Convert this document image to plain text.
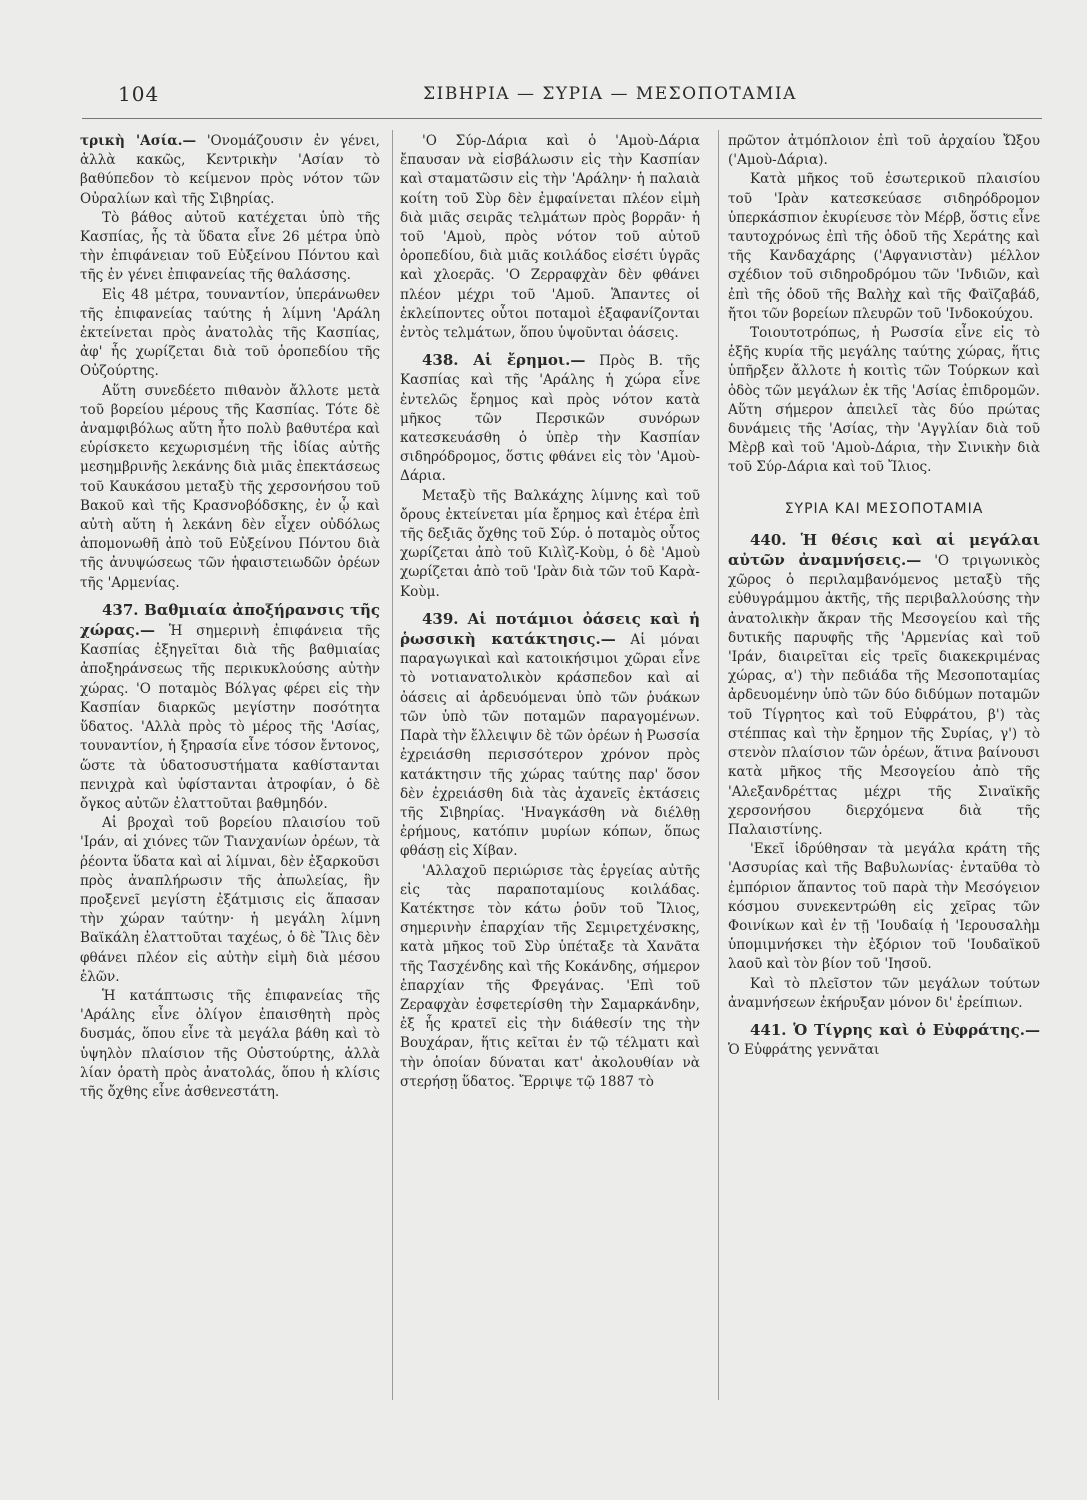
104	ΣΙΒΗΡΙΑ — ΣΥΡΙΑ — ΜΕΣΟΠΟΤΑΜΙΑ

τρικὴ 'Ασία.— 'Ονομάζουσιν ἐν γένει, ἀλλὰ κακῶς, Κεντρικὴν 'Ασίαν τὸ βαθύπεδον τὸ κείμενον πρὸς νότον τῶν Οὐραλίων καὶ τῆς Σιβηρίας.

Τὸ βάθος αὐτοῦ κατέχεται ὑπὸ τῆς Κασπίας, ἧς τὰ ὕδατα εἶνε 26 μέτρα ὑπὸ τὴν ἐπιφάνειαν τοῦ Εὐξείνου Πόντου καὶ τῆς ἐν γένει ἐπιφανείας τῆς θαλάσσης.

Εἰς 48 μέτρα, τουναντίον, ὑπεράνωθεν τῆς ἐπιφανείας ταύτης ἡ λίμνη 'Αράλη ἐκτείνεται πρὸς ἀνατολὰς τῆς Κασπίας, ἀφ' ἧς χωρίζεται διὰ τοῦ ὀροπεδίου τῆς Οὐζούρτης.

Αὕτη συνεδέετο πιθανὸν ἄλλοτε μετὰ τοῦ βορείου μέρους τῆς Κασπίας. Τότε δὲ ἀναμφιβόλως αὕτη ἦτο πολὺ βαθυτέρα καὶ εὑρίσκετο κεχωρισμένη τῆς ἰδίας αὐτῆς μεσημβρινῆς λεκάνης διὰ μιᾶς ἐπεκτάσεως τοῦ Καυκάσου μεταξὺ τῆς χερσονήσου τοῦ Βακοῦ καὶ τῆς Κρασνοβόδσκης, ἐν ᾧ καὶ αὐτὴ αὕτη ἡ λεκάνη δὲν εἶχεν οὐδόλως ἀπομονωθῆ ἀπὸ τοῦ Εὐξείνου Πόντου διὰ τῆς ἀνυψώσεως τῶν ἡφαιστειωδῶν ὀρέων τῆς 'Αρμενίας.

437. Βαθμιαία ἀποξήρανσις τῆς χώρας.— Ἡ σημερινὴ ἐπιφάνεια τῆς Κασπίας ἐξηγεῖται διὰ τῆς βαθμιαίας ἀποξηράνσεως τῆς περικυκλούσης αὐτὴν χώρας. 'Ο ποταμὸς Βόλγας φέρει εἰς τὴν Κασπίαν διαρκῶς μεγίστην ποσότητα ὕδατος. 'Αλλὰ πρὸς τὸ μέρος τῆς 'Ασίας, τουναντίον, ἡ ξηρασία εἶνε τόσον ἔντονος, ὥστε τὰ ὑδατοσυστήματα καθίστανται πενιχρὰ καὶ ὑφίστανται ἀτροφίαν, ὁ δὲ ὄγκος αὐτῶν ἐλαττοῦται βαθμηδόν.

Αἱ βροχαὶ τοῦ βορείου πλαισίου τοῦ 'Ιράν, αἱ χιόνες τῶν Τιανχανίων ὀρέων, τὰ ῥέοντα ὕδατα καὶ αἱ λίμναι, δὲν ἐξαρκοῦσι πρὸς ἀναπλήρωσιν τῆς ἀπωλείας, ἣν προξενεῖ μεγίστη ἐξάτμισις εἰς ἅπασαν τὴν χώραν ταύτην· ἡ μεγάλη λίμνη Βαϊκάλη ἐλαττοῦται ταχέως, ὁ δὲ Ἴλις δὲν φθάνει πλέον εἰς αὐτὴν εἰμὴ διὰ μέσου ἑλῶν.

Ἡ κατάπτωσις τῆς ἐπιφανείας τῆς 'Αράλης εἶνε ὀλίγον ἐπαισθητὴ πρὸς δυσμάς, ὅπου εἶνε τὰ μεγάλα βάθη καὶ τὸ ὑψηλὸν πλαίσιον τῆς Οὐστούρτης, ἀλλὰ λίαν ὁρατὴ πρὸς ἀνατολάς, ὅπου ἡ κλίσις τῆς ὄχθης εἶνε ἀσθενεστάτη.

'Ο Σύρ-Δάρια καὶ ὁ 'Αμοὺ-Δάρια ἔπαυσαν νὰ εἰσβάλωσιν εἰς τὴν Κασπίαν καὶ σταματῶσιν εἰς τὴν 'Αράλην· ἡ παλαιὰ κοίτη τοῦ Σὺρ δὲν ἐμφαίνεται πλέον εἰμὴ διὰ μιᾶς σειρᾶς τελμάτων πρὸς βορρᾶν· ἡ τοῦ 'Αμοὺ, πρὸς νότον τοῦ αὐτοῦ ὀροπεδίου, διὰ μιᾶς κοιλάδος εἰσέτι ὑγρᾶς καὶ χλοερᾶς. 'Ο Ζερραφχὰν δὲν φθάνει πλέον μέχρι τοῦ 'Αμοῦ. Ἅπαντες οἱ ἐκλείποντες οὗτοι ποταμοὶ ἐξαφανίζονται ἐντὸς τελμάτων, ὅπου ὑψοῦνται ὀάσεις.

438. Αἱ ἔρημοι.— Πρὸς Β. τῆς Κασπίας καὶ τῆς 'Αράλης ἡ χώρα εἶνε ἐντελῶς ἔρημος καὶ πρὸς νότον κατὰ μῆκος τῶν Περσικῶν συνόρων κατεσκευάσθη ὁ ὑπὲρ τὴν Κασπίαν σιδηρόδρομος, ὅστις φθάνει εἰς τὸν 'Αμοὺ-Δάρια.

Μεταξὺ τῆς Βαλκάχης λίμνης καὶ τοῦ ὄρους ἐκτείνεται μία ἔρημος καὶ ἑτέρα ἐπὶ τῆς δεξιᾶς ὄχθης τοῦ Σύρ. ὁ ποταμὸς οὗτος χωρίζεται ἀπὸ τοῦ Κιλὶζ-Κοὺμ, ὁ δὲ 'Αμοὺ χωρίζεται ἀπὸ τοῦ 'Ιρὰν διὰ τῶν τοῦ Καρὰ-Κοὺμ.

439. Αἱ ποτάμιοι ὀάσεις καὶ ἡ ῥωσσικὴ κατάκτησις.— Αἱ μόναι παραγωγικαὶ καὶ κατοικήσιμοι χῶραι εἶνε τὸ νοτιανατολικὸν κράσπεδον καὶ αἱ ὀάσεις αἱ ἀρδευόμεναι ὑπὸ τῶν ῥυάκων τῶν ὑπὸ τῶν ποταμῶν παραγομένων. Παρὰ τὴν ἔλλειψιν δὲ τῶν ὀρέων ἡ Ρωσσία ἐχρειάσθη περισσότερον χρόνον πρὸς κατάκτησιν τῆς χώρας ταύτης παρ' ὅσον δὲν ἐχρειάσθη διὰ τὰς ἀχανεῖς ἐκτάσεις τῆς Σιβηρίας. 'Ηναγκάσθη νὰ διέλθῃ ἐρήμους, κατόπιν μυρίων κόπων, ὅπως φθάσῃ εἰς Χίβαν.

'Αλλαχοῦ περιώρισε τὰς ἐργείας αὐτῆς εἰς τὰς παραποταμίους κοιλάδας. Κατέκτησε τὸν κάτω ῥοῦν τοῦ Ἴλιος, σημερινὴν ἐπαρχίαν τῆς Σεμιρετχένσκης, κατὰ μῆκος τοῦ Σὺρ ὑπέταξε τὰ Χανᾶτα τῆς Τασχένδης καὶ τῆς Κοκάνδης, σήμερον ἐπαρχίαν τῆς Φρεγάνας. 'Επὶ τοῦ Ζεραφχὰν ἐσφετερίσθη τὴν Σαμαρκάνδην, ἐξ ἧς κρατεῖ εἰς τὴν διάθεσίν της τὴν Βουχάραν, ἥτις κεῖται ἐν τῷ τέλματι καὶ τὴν ὁποίαν δύναται κατ' ἀκολουθίαν νὰ στερήσῃ ὕδατος. Ἔρριψε τῷ 1887 τὸ

πρῶτον ἀτμόπλοιον ἐπὶ τοῦ ἀρχαίου Ὤξου ('Αμοὺ-Δάρια).

Κατὰ μῆκος τοῦ ἐσωτερικοῦ πλαισίου τοῦ 'Ιρὰν κατεσκεύασε σιδηρόδρομον ὑπερκάσπιον ἐκυρίευσε τὸν Μέρβ, ὅστις εἶνε ταυτοχρόνως ἐπὶ τῆς ὁδοῦ τῆς Χεράτης καὶ τῆς Κανδαχάρης ('Αφγανιστὰν) μέλλον σχέδιον τοῦ σιδηροδρόμου τῶν 'Ινδιῶν, καὶ ἐπὶ τῆς ὁδοῦ τῆς Βαλὴχ καὶ τῆς Φαϊζαβάδ, ἤτοι τῶν βορείων πλευρῶν τοῦ 'Ινδοκούχου.

Τοιουτοτρόπως, ἡ Ρωσσία εἶνε εἰς τὸ ἑξῆς κυρία τῆς μεγάλης ταύτης χώρας, ἥτις ὑπῆρξεν ἄλλοτε ἡ κοιτὶς τῶν Τούρκων καὶ ὁδὸς τῶν μεγάλων ἐκ τῆς 'Ασίας ἐπιδρομῶν. Αὕτη σήμερον ἀπειλεῖ τὰς δύο πρώτας δυνάμεις τῆς 'Ασίας, τὴν 'Αγγλίαν διὰ τοῦ Μὲρβ καὶ τοῦ 'Αμοὺ-Δάρια, τὴν Σινικὴν διὰ τοῦ Σύρ-Δάρια καὶ τοῦ Ἴλιος.

ΣΥΡΙΑ ΚΑΙ ΜΕΣΟΠΟΤΑΜΙΑ

440. Ἡ θέσις καὶ αἱ μεγάλαι αὐτῶν ἀναμνήσεις.— 'Ο τριγωνικὸς χῶρος ὁ περιλαμβανόμενος μεταξὺ τῆς εὐθυγράμμου ἀκτῆς, τῆς περιβαλλούσης τὴν ἀνατολικὴν ἄκραν τῆς Μεσογείου καὶ τῆς δυτικῆς παρυφῆς τῆς 'Αρμενίας καὶ τοῦ 'Ιράν, διαιρεῖται εἰς τρεῖς διακεκριμένας χώρας, α') τὴν πεδιάδα τῆς Μεσοποταμίας ἀρδευομένην ὑπὸ τῶν δύο διδύμων ποταμῶν τοῦ Τίγρητος καὶ τοῦ Εὐφράτου, β') τὰς στέππας καὶ τὴν ἔρημον τῆς Συρίας, γ') τὸ στενὸν πλαίσιον τῶν ὀρέων, ἅτινα βαίνουσι κατὰ μῆκος τῆς Μεσογείου ἀπὸ τῆς 'Αλεξανδρέττας μέχρι τῆς Σιναϊκῆς χερσονήσου διερχόμενα διὰ τῆς Παλαιστίνης.

'Εκεῖ ἱδρύθησαν τὰ μεγάλα κράτη τῆς 'Ασσυρίας καὶ τῆς Βαβυλωνίας· ἐνταῦθα τὸ ἐμπόριον ἅπαντος τοῦ παρὰ τὴν Μεσόγειον κόσμου συνεκεντρώθη εἰς χεῖρας τῶν Φοινίκων καὶ ἐν τῇ 'Ιουδαίᾳ ἡ 'Ιερουσαλὴμ ὑπομιμνήσκει τὴν ἐξόριον τοῦ 'Ιουδαϊκοῦ λαοῦ καὶ τὸν βίον τοῦ 'Ιησοῦ.

Καὶ τὸ πλεῖστον τῶν μεγάλων τούτων ἀναμνήσεων ἐκήρυξαν μόνον δι' ἐρείπιων.

441. Ὁ Τίγρης καὶ ὁ Εὐφράτης.— Ὁ Εὐφράτης γεννᾶται
